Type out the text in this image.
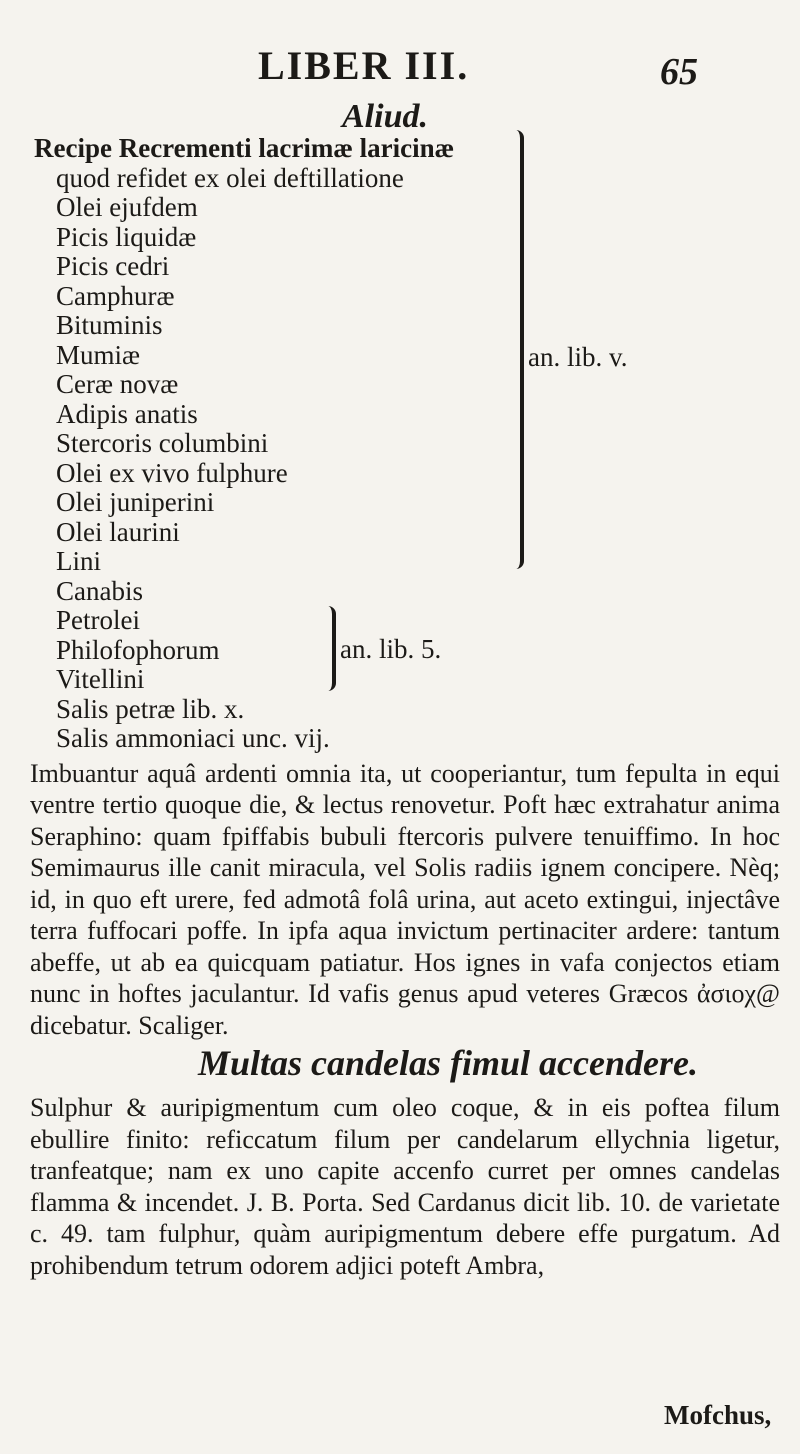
LIBER III.	65
Aliud.
Recipe Recrementi lacrimæ laricinæ
quod refidet ex olei deftillatione
Olei ejufdem
Picis liquidæ
Picis cedri
Camphuræ
Bituminis
Mumiæ
Ceræ novæ
Adipis anatis
Stercoris columbini
Olei ex vivo fulphure
Olei juniperini
Olei laurini
Lini
Canabis
Petrolei
Philofophorum
Vitellini
Salis petræ lib. x.
Salis ammoniaci unc. vij.
an. lib. v.
an. lib. 5.
Imbuantur aquâ ardenti omnia ita, ut cooperiantur, tum fepulta in equi ventre tertio quoque die, & lectus renovetur. Poft hæc extrahatur anima Seraphino: quam fpiffabis bubuli ftercoris pulvere tenuiffimo. In hoc Semimaurus ille canit miracula, vel Solis radiis ignem concipere. Nèq; id, in quo eft urere, fed admotâ folâ urina, aut aceto extingui, injectâve terra fuffocari poffe. In ipfa aqua invictum pertinaciter ardere: tantum abeffe, ut ab ea quicquam patiatur. Hos ignes in vafa conjectos etiam nunc in hoftes jaculantur. Id vafis genus apud veteres Græcos ἀσιοχ@ dicebatur. Scaliger.
Multas candelas fimul accendere.
Sulphur & auripigmentum cum oleo coque, & in eis poftea filum ebullire finito: reficcatum filum per candelarum ellychnia ligetur, tranfeatque; nam ex uno capite accenfo curret per omnes candelas flamma & incendet. J. B. Porta. Sed Cardanus dicit lib. 10. de varietate c. 49. tam fulphur, quàm auripigmentum debere effe purgatum. Ad prohibendum tetrum odorem adjici poteft Ambra,
Mofchus,
